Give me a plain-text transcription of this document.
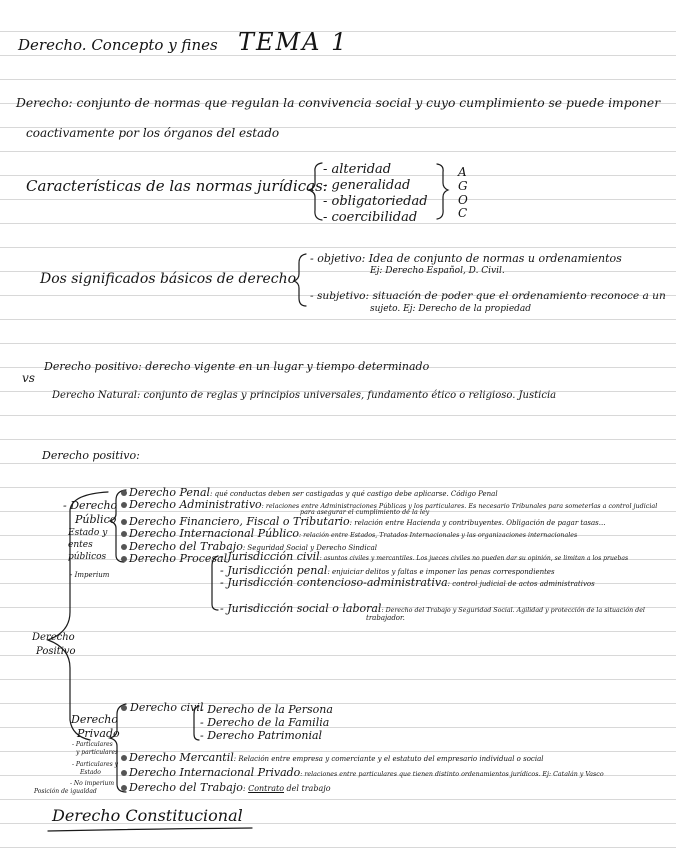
Derecho. Concepto y fines TEMA 1
Derecho: conjunto de normas que regulan la convivencia social y cuyo cumplimiento se puede imponer
coactivamente por los órganos del estado
Características de las normas jurídicas:
- alteridad
- generalidad
- obligatoriedad
- coercibilidad
A
G
O
C
Dos significados básicos de derecho
- objetivo: Idea de conjunto de normas u ordenamientos
Ej: Derecho Español, D. Civil.
- subjetivo: situación de poder que el ordenamiento reconoce a un
sujeto. Ej: Derecho de la propiedad
vs
Derecho positivo: derecho vigente en un lugar y tiempo determinado
Derecho Natural: conjunto de reglas y principios universales, fundamento ético o religioso. Justicia
Derecho positivo:
Derecho
Positivo
- Derecho
Público
Estado y
entes
públicos
- Imperium
Derecho Penal: qué conductas deben ser castigadas y qué castigo debe aplicarse. Código Penal
Derecho Administrativo: relaciones entre Administraciones Públicas y los particulares. Es necesario Tribunales para someterlas a control judicial
para asegurar el cumplimiento de la ley
Derecho Financiero, Fiscal o Tributario: relación entre Hacienda y contribuyentes. Obligación de pagar tasas...
Derecho Internacional Público: relación entre Estados, Tratados Internacionales y las organizaciones internacionales
Derecho del Trabajo: Seguridad Social y Derecho Sindical
Derecho Procesal
- Jurisdicción civil: asuntos civiles y mercantiles. Los jueces civiles no pueden dar su opinión, se limitan a los pruebas
- Jurisdicción penal: enjuiciar delitos y faltas e imponer las penas correspondientes
- Jurisdicción contencioso-administrativa: control judicial de actos administrativos
- Jurisdicción social o laboral: Derecho del Trabajo y Seguridad Social. Agilidad y protección de la situación del
trabajador.
Derecho
Privado
- Particulares
y particulares
- Particulares y
Estado
- No imperium
Posición de igualdad
Derecho civil
- Derecho de la Persona
- Derecho de la Familia
- Derecho Patrimonial
Derecho Mercantil: Relación entre empresa y comerciante y el estatuto del empresario individual o social
Derecho Internacional Privado: relaciones entre particulares que tienen distinto ordenamientos jurídicos. Ej: Catalán y Vasco
Derecho del Trabajo: Contrato del trabajo
Derecho Constitucional
